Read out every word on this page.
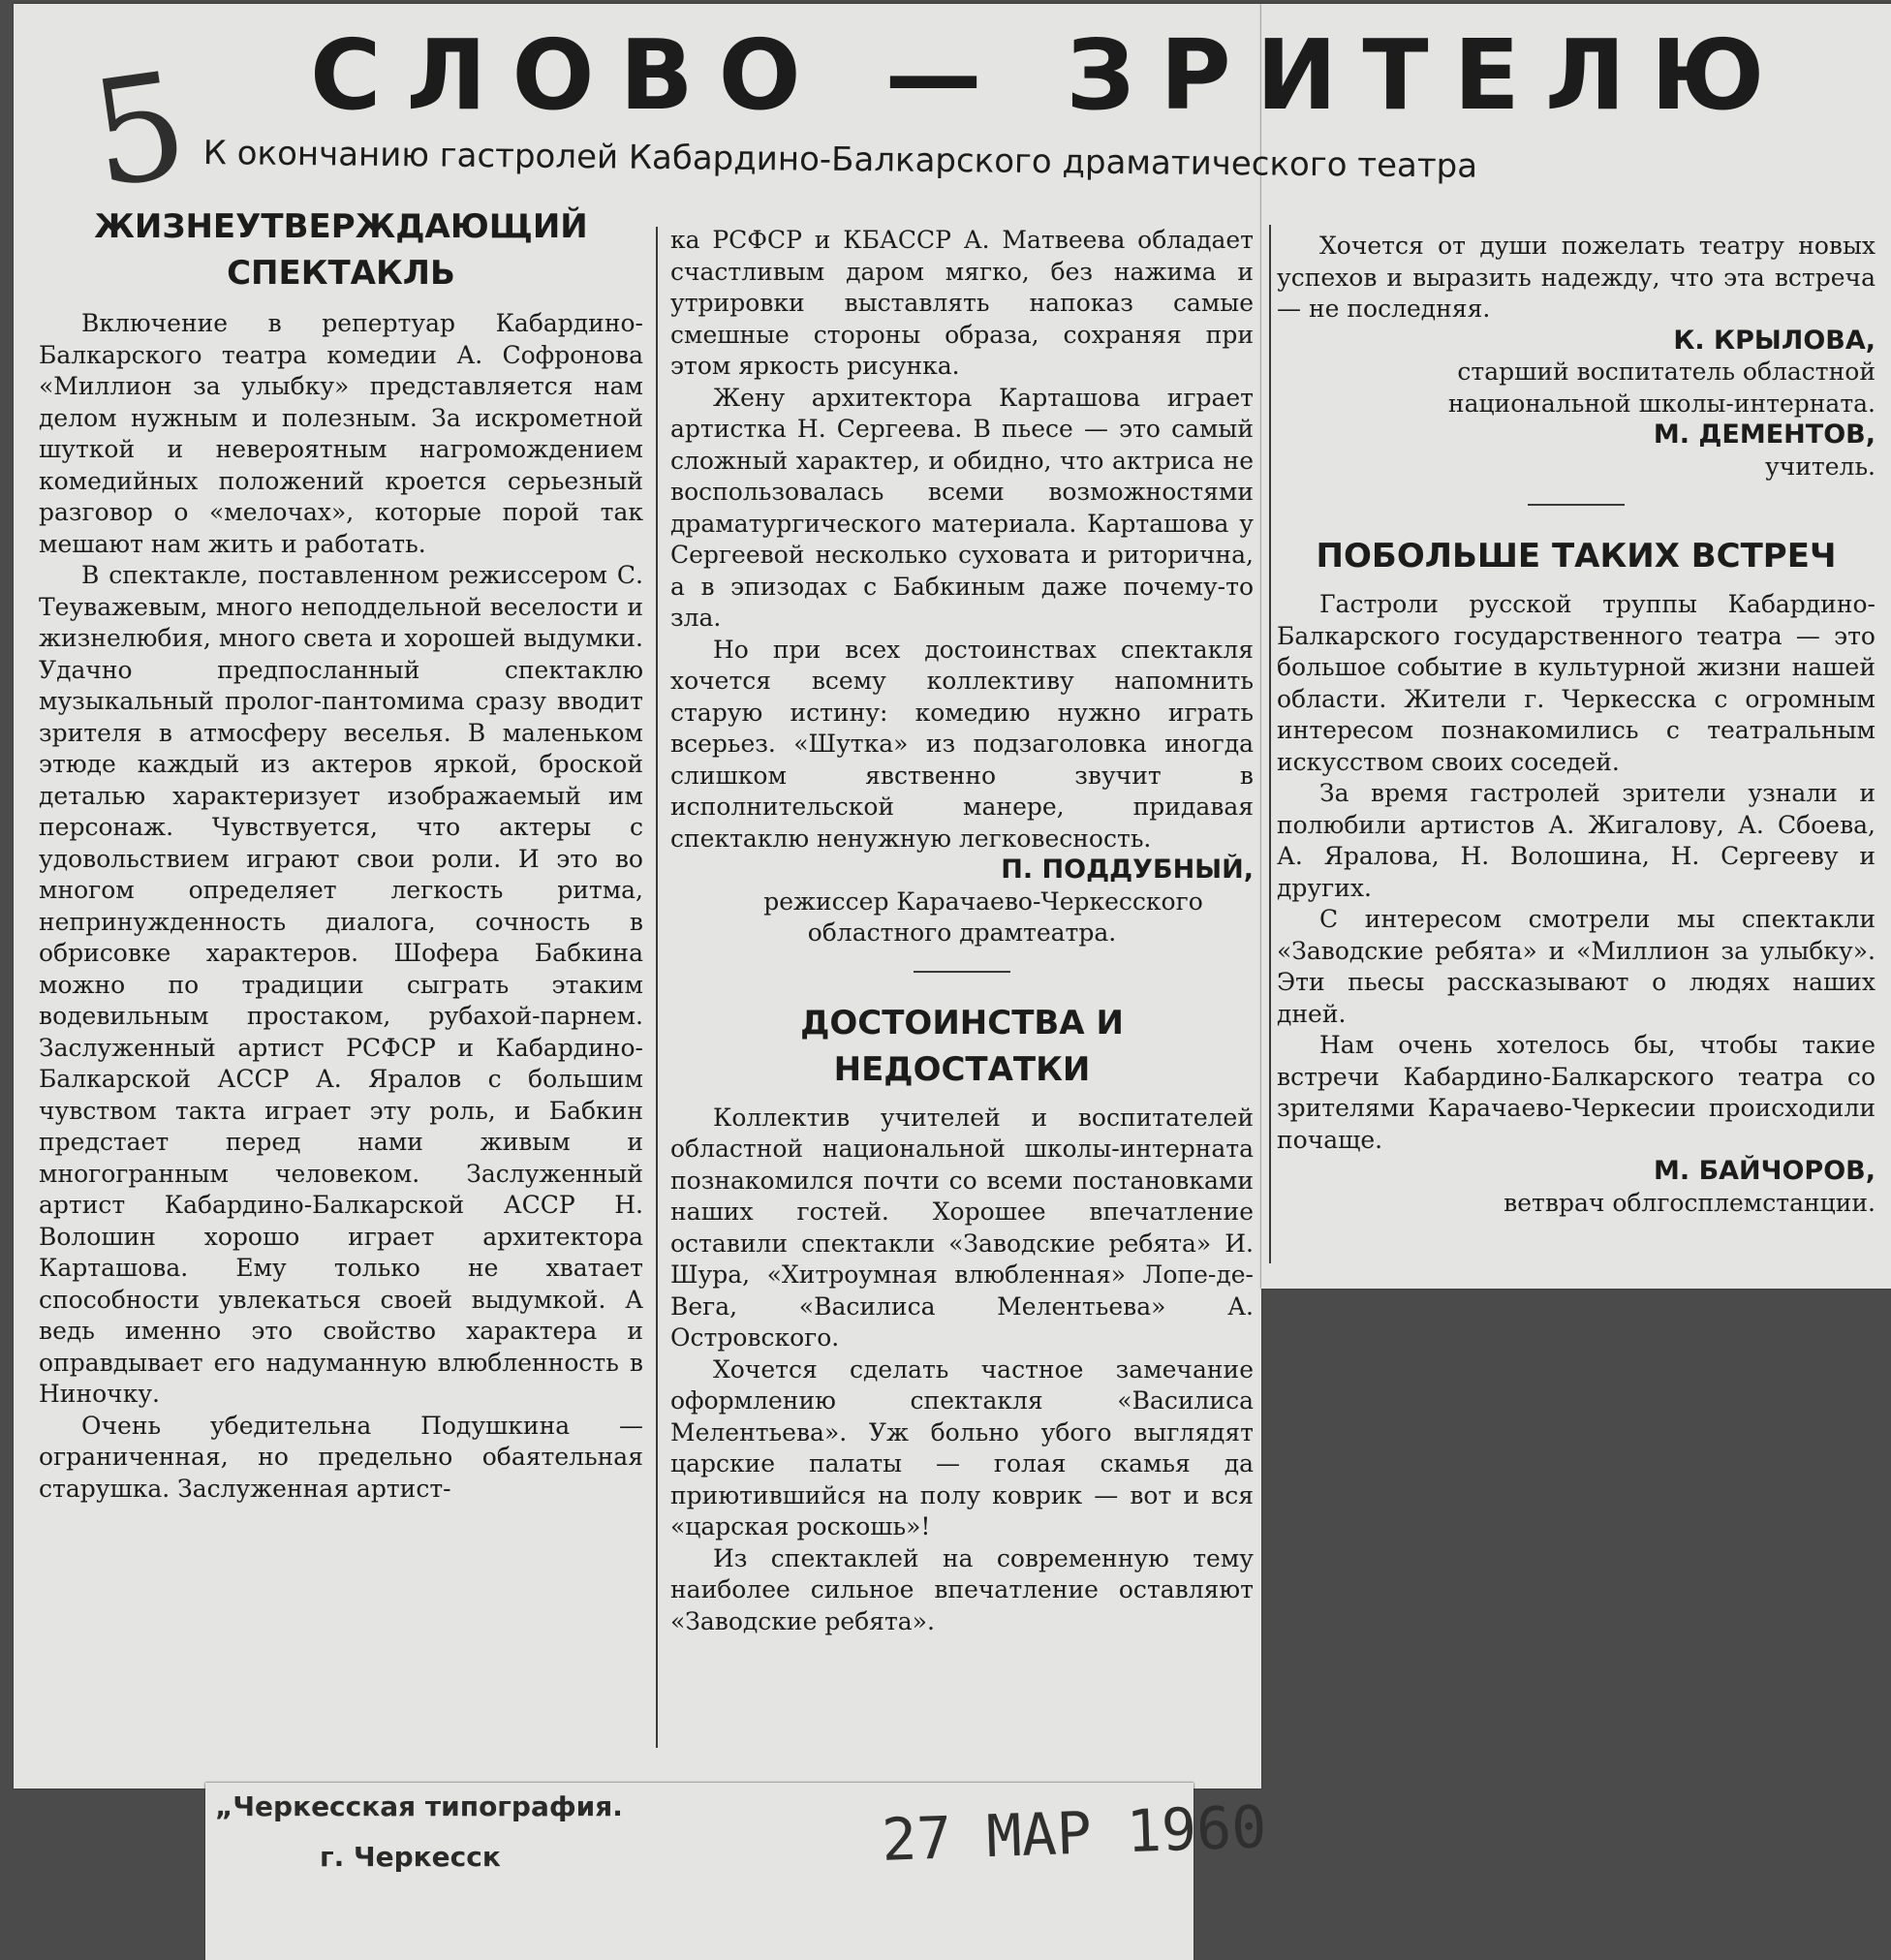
5 СЛОВО — ЗРИТЕЛЮ
К окончанию гастролей Кабардино-Балкарского драматического театра
ЖИЗНЕУТВЕРЖДАЮЩИЙ СПЕКТАКЛЬ

Включение в репертуар Кабардино-Балкарского театра комедии А. Софронова «Миллион за улыбку» представляется нам делом нужным и полезным. За искрометной шуткой и невероятным нагромождением комедийных положений кроется серьезный разговор о «мелочах», которые порой так мешают нам жить и работать.

В спектакле, поставленном режиссером С. Теуважевым, много неподдельной веселости и жизнелюбия, много света и хорошей выдумки. Удачно предпосланный спектаклю музыкальный пролог-пантомима сразу вводит зрителя в атмосферу веселья. В маленьком этюде каждый из актеров яркой, броской деталью характеризует изображаемый им персонаж. Чувствуется, что актеры с удовольствием играют свои роли. И это во многом определяет легкость ритма, непринужденность диалога, сочность в обрисовке характеров. Шофера Бабкина можно по традиции сыграть этаким водевильным простаком, рубахой-парнем. Заслуженный артист РСФСР и Кабардино-Балкарской АССР А. Яралов с большим чувством такта играет эту роль, и Бабкин предстает перед нами живым и многогранным человеком. Заслуженный артист Кабардино-Балкарской АССР Н. Волошин хорошо играет архитектора Карташова. Ему только не хватает способности увлекаться своей выдумкой. А ведь именно это свойство характера и оправдывает его надуманную влюбленность в Ниночку.

Очень убедительна Подушкина — ограниченная, но предельно обаятельная старушка. Заслуженная артист-

ка РСФСР и КБАССР А. Матвеева обладает счастливым даром мягко, без нажима и утрировки выставлять напоказ самые смешные стороны образа, сохраняя при этом яркость рисунка.

Жену архитектора Карташова играет артистка Н. Сергеева. В пьесе — это самый сложный характер, и обидно, что актриса не воспользовалась всеми возможностями драматургического материала. Карташова у Сергеевой несколько суховата и риторична, а в эпизодах с Бабкиным даже почему-то зла.

Но при всех достоинствах спектакля хочется всему коллективу напомнить старую истину: комедию нужно играть всерьез. «Шутка» из подзаголовка иногда слишком явственно звучит в исполнительской манере, придавая спектаклю ненужную легковесность.

П. ПОДДУБНЫЙ,

режиссер Карачаево-Черкесского областного драмтеатра.

ДОСТОИНСТВА И НЕДОСТАТКИ

Коллектив учителей и воспитателей областной национальной школы-интерната познакомился почти со всеми постановками наших гостей. Хорошее впечатление оставили спектакли «Заводские ребята» И. Шура, «Хитроумная влюбленная» Лопе-де-Вега, «Василиса Мелентьева» А. Островского.

Хочется сделать частное замечание оформлению спектакля «Василиса Мелентьева». Уж больно убого выглядят царские палаты — голая скамья да приютившийся на полу коврик — вот и вся «царская роскошь»!

Из спектаклей на современную тему наиболее сильное впечатление оставляют «Заводские ребята».

Хочется от души пожелать театру новых успехов и выразить надежду, что эта встреча — не последняя.

К. КРЫЛОВА,

старший воспитатель областной национальной школы-интерната.

М. ДЕМЕНТОВ,

учитель.

ПОБОЛЬШЕ ТАКИХ ВСТРЕЧ

Гастроли русской труппы Кабардино-Балкарского государственного театра — это большое событие в культурной жизни нашей области. Жители г. Черкесска с огромным интересом познакомились с театральным искусством своих соседей.

За время гастролей зрители узнали и полюбили артистов А. Жигалову, А. Сбоева, А. Яралова, Н. Волошина, Н. Сергееву и других.

С интересом смотрели мы спектакли «Заводские ребята» и «Миллион за улыбку». Эти пьесы рассказывают о людях наших дней.

Нам очень хотелось бы, чтобы такие встречи Кабардино-Балкарского театра со зрителями Карачаево-Черкесии происходили почаще.

М. БАЙЧОРОВ,

ветврач облгосплемстанции.

„Черкесская типография.
г. Черкесск	27 МАР 1960
